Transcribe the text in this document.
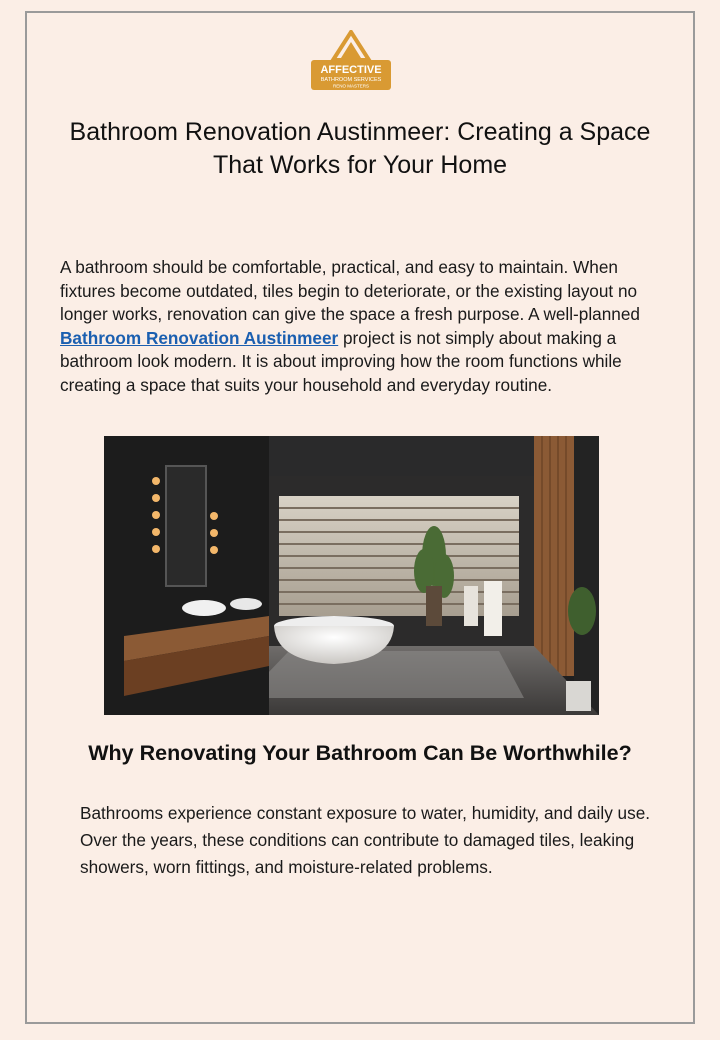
AFFECTIVE
BATHROOM SERVICES
RENO MASTERS
Bathroom Renovation Austinmeer: Creating a Space That Works for Your Home

A bathroom should be comfortable, practical, and easy to maintain. When fixtures become outdated, tiles begin to deteriorate, or the existing layout no longer works, renovation can give the space a fresh purpose. A well-planned Bathroom Renovation Austinmeer project is not simply about making a bathroom look modern. It is about improving how the room functions while creating a space that suits your household and everyday routine.

Why Renovating Your Bathroom Can Be Worthwhile?

Bathrooms experience constant exposure to water, humidity, and daily use. Over the years, these conditions can contribute to damaged tiles, leaking showers, worn fittings, and moisture-related problems.
